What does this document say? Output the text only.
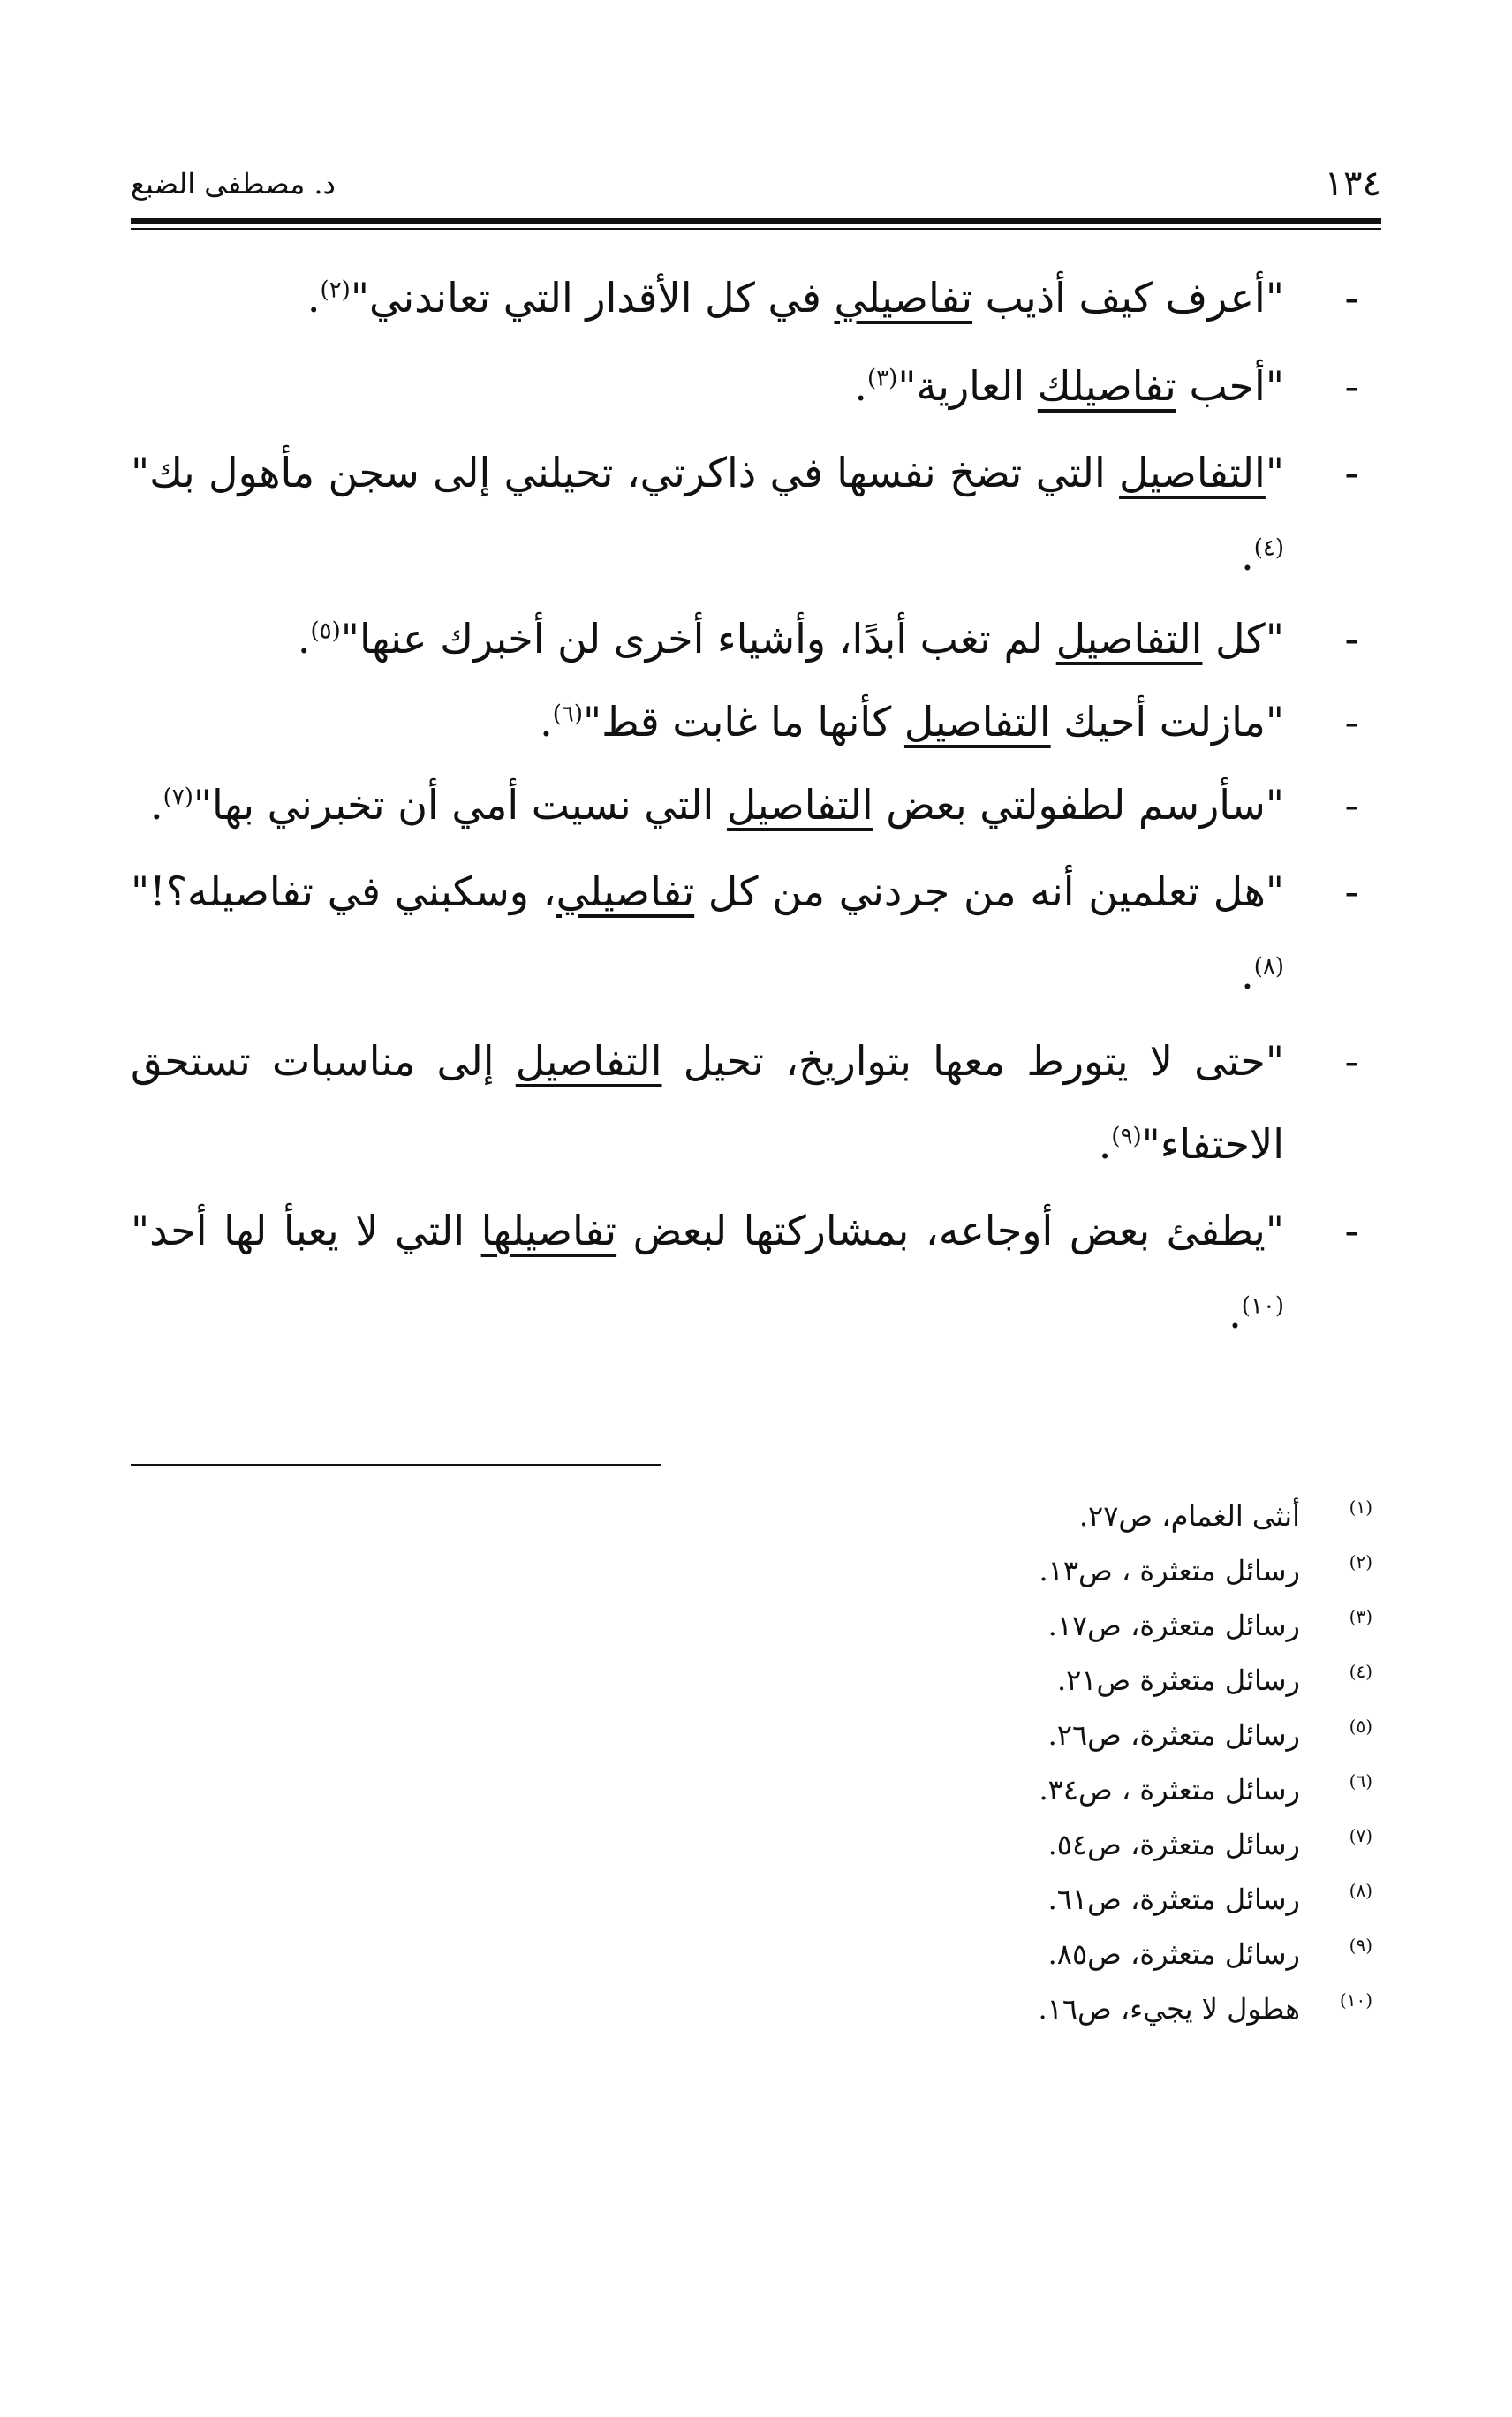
د. مصطفى الضبع	١٣٤
-
"أعرف كيف أذيب تفاصيلي في كل الأقدار التي تعاندني"$^{(٢)}$.
-
"أحب تفاصيلك العارية"$^{(٣)}$.
-
"التفاصيل التي تضخ نفسها في ذاكرتي، تحيلني إلى سجن مأهول بك"$^{(٤)}$.
-
"كل التفاصيل لم تغب أبدًا، وأشياء أخرى لن أخبرك عنها"$^{(٥)}$.
-
"مازلت أحيك التفاصيل كأنها ما غابت قط"$^{(٦)}$.
-
"سأرسم لطفولتي بعض التفاصيل التي نسيت أمي أن تخبرني بها"$^{(٧)}$.
-
"هل تعلمين أنه من جردني من كل تفاصيلي، وسكبني في تفاصيله؟!"$^{(٨)}$.
-
"حتى لا يتورط معها بتواريخ، تحيل التفاصيل إلى مناسبات تستحق الاحتفاء"$^{(٩)}$.
-
"يطفئ بعض أوجاعه، بمشاركتها لبعض تفاصيلها التي لا يعبأ لها أحد"$^{(١٠)}$.
(١)
أنثى الغمام، ص٢٧.
(٢)
رسائل متعثرة ، ص١٣.
(٣)
رسائل متعثرة، ص١٧.
(٤)
رسائل متعثرة ص٢١.
(٥)
رسائل متعثرة، ص٢٦.
(٦)
رسائل متعثرة ، ص٣٤.
(٧)
رسائل متعثرة، ص٥٤.
(٨)
رسائل متعثرة، ص٦١.
(٩)
رسائل متعثرة، ص٨٥.
(١٠)
هطول لا يجيء، ص١٦.
